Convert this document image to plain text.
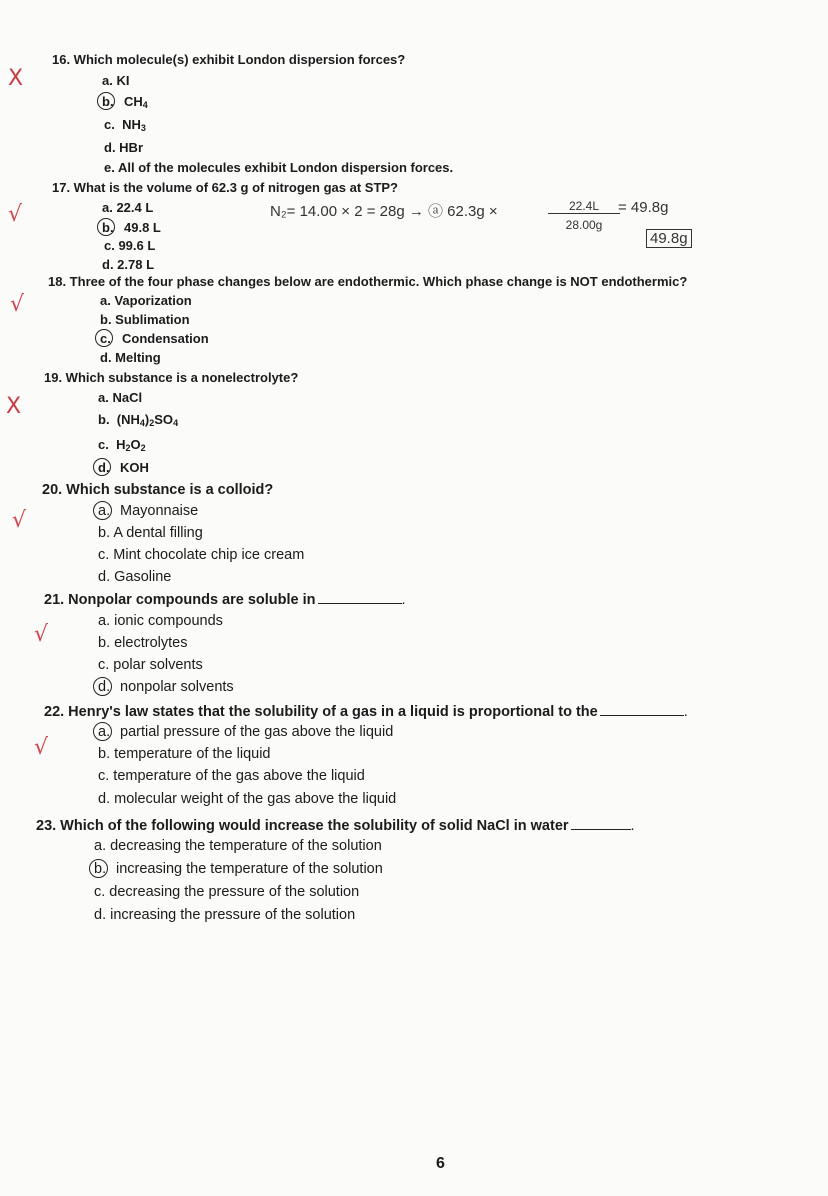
X
√
√
X
√
√
√
16. Which molecule(s) exhibit London dispersion forces?
a. KI
b. $CH_4$
c.  $NH_3$
d. HBr
e. All of the molecules exhibit London dispersion forces.
17. What is the volume of 62.3 g of nitrogen gas at STP?
a. 22.4 L
b. 49.8 L
c. 99.6 L
d. 2.78 L
N₂= 14.00 × 2 = 28g → ⓐ 62.3g ×	22.4L
28.00g
= 49.8g
49.8g
18. Three of the four phase changes below are endothermic. Which phase change is NOT endothermic?
a. Vaporization
b. Sublimation
c. Condensation
d. Melting
19. Which substance is a nonelectrolyte?
a. NaCl
b.  $(NH_4)_2SO_4$
c.  $H_2O_2$
d. KOH
20. Which substance is a colloid?
a. Mayonnaise
b. A dental filling
c. Mint chocolate chip ice cream
d. Gasoline
21. Nonpolar compounds are soluble in	.
a. ionic compounds
b. electrolytes
c. polar solvents
d. nonpolar solvents
22. Henry's law states that the solubility of a gas in a liquid is proportional to the	.
a. partial pressure of the gas above the liquid
b. temperature of the liquid
c. temperature of the gas above the liquid
d. molecular weight of the gas above the liquid
23. Which of the following would increase the solubility of solid NaCl in water	.
a. decreasing the temperature of the solution
b. increasing the temperature of the solution
c. decreasing the pressure of the solution
d. increasing the pressure of the solution
6
